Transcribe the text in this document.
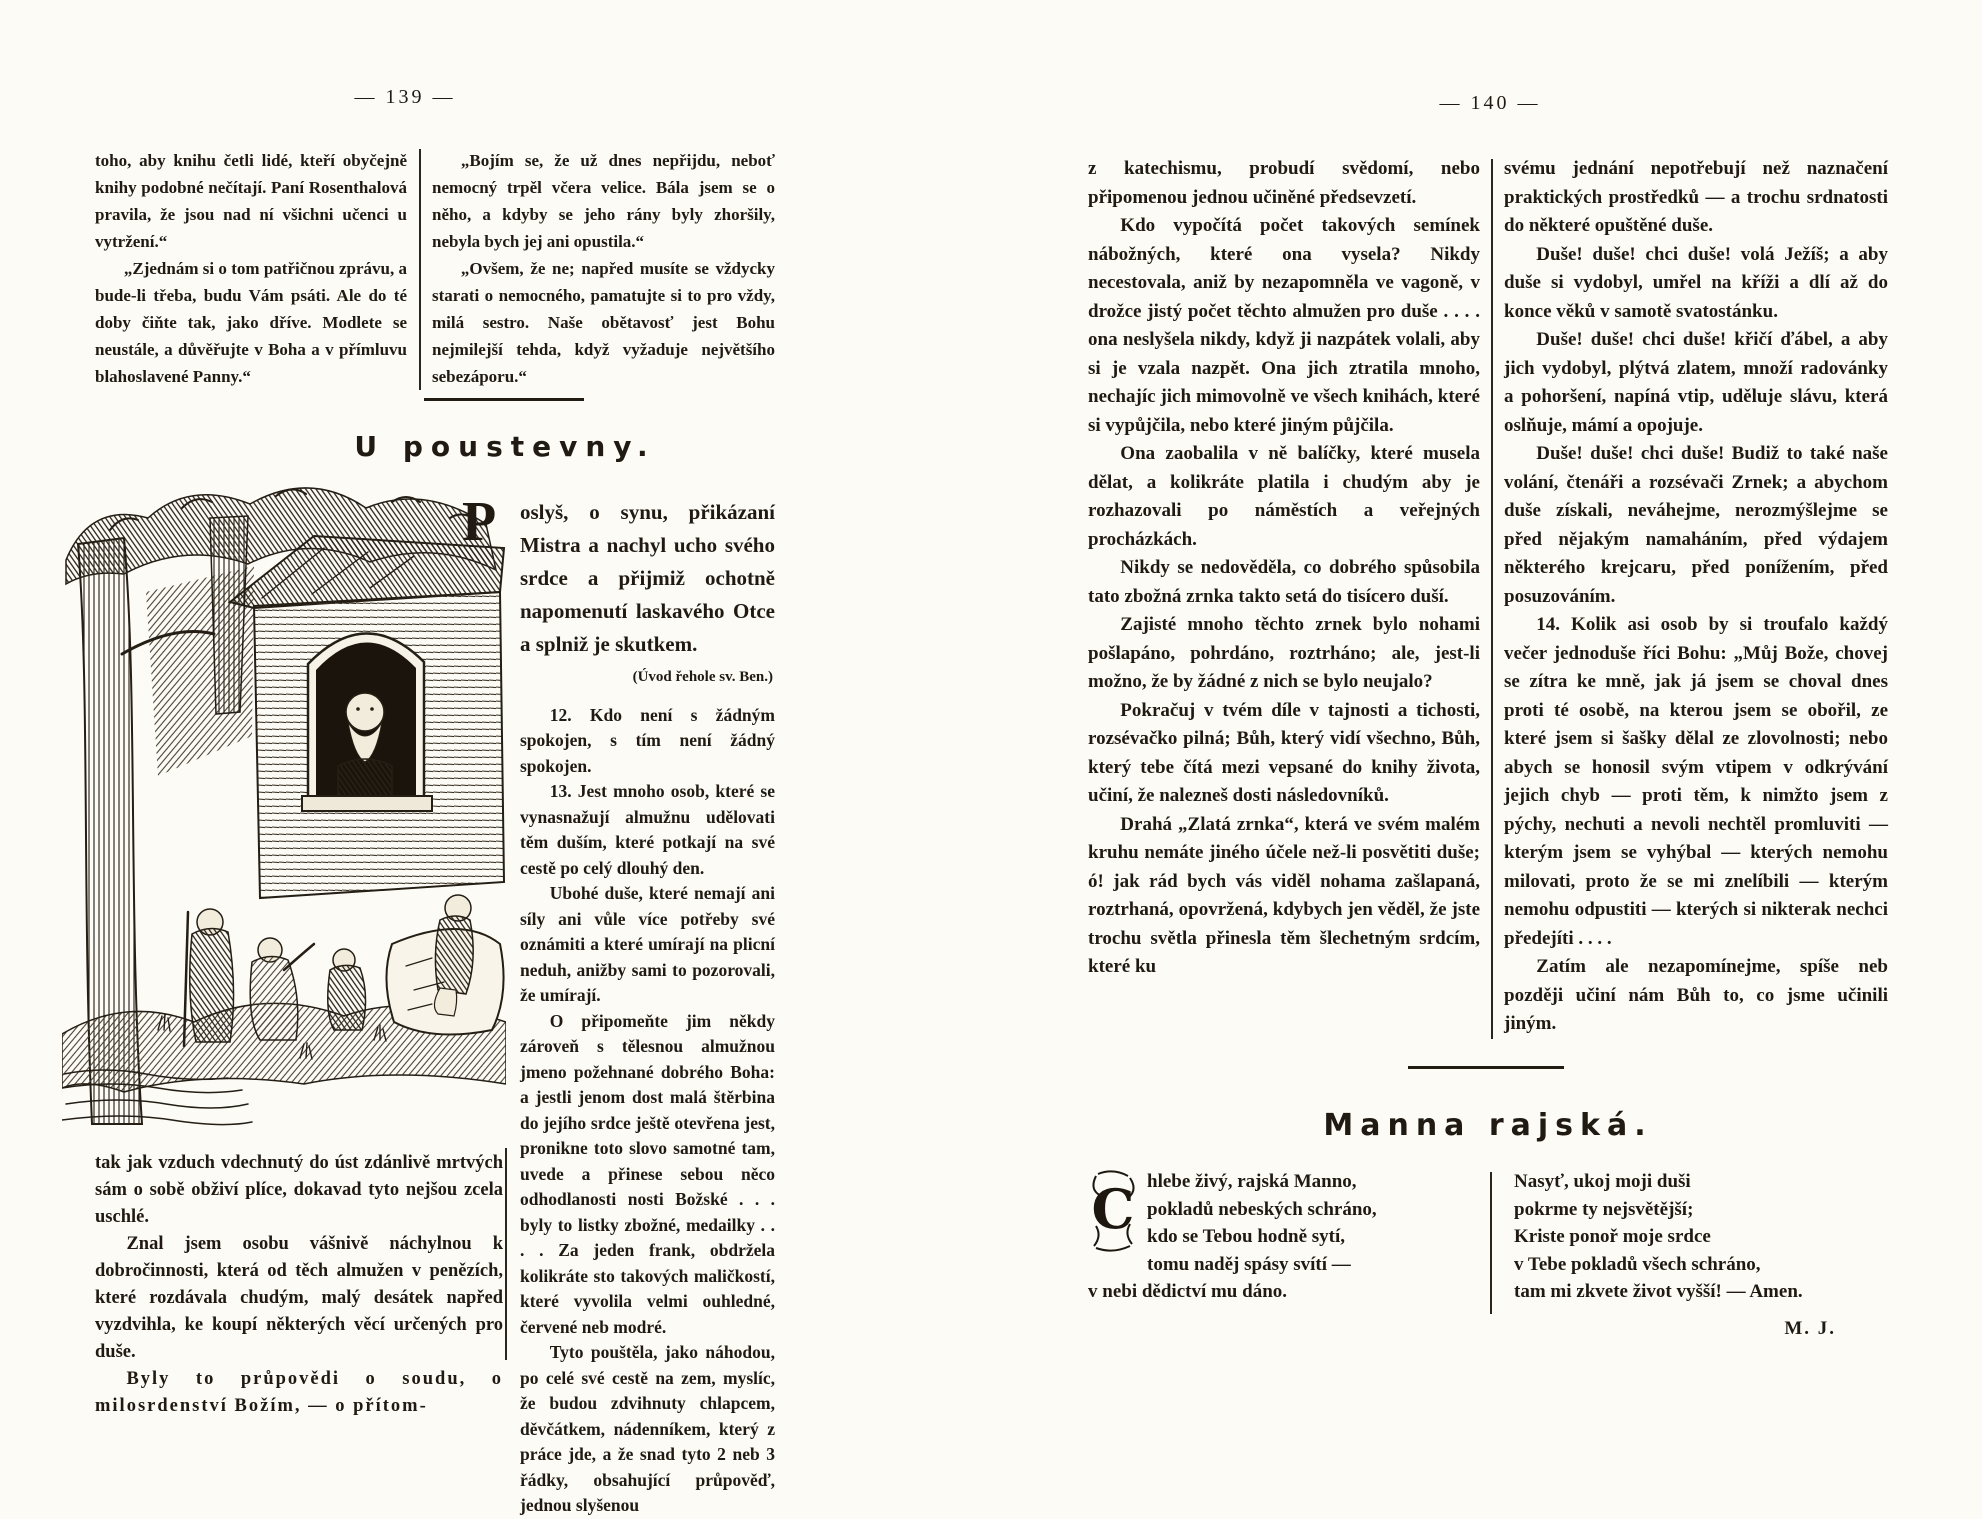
— 139 —

toho, aby knihu četli lidé, kteří obyčejně knihy podobné nečítají. Paní Rosenthalová pravila, že jsou nad ní všichni učenci u vytržení.“

„Zjednám si o tom patřičnou zprávu, a bude-li třeba, budu Vám psáti. Ale do té doby čiňte tak, jako dříve. Modlete se neustále, a důvěřujte v Boha a v přímluvu blahoslavené Panny.“

„Bojím se, že už dnes nepřijdu, neboť nemocný trpěl včera velice. Bála jsem se o něho, a kdyby se jeho rány byly zhoršily, nebyla bych jej ani opustila.“

„Ovšem, že ne; napřed musíte se vždycky starati o nemocného, pamatujte si to pro vždy, milá sestro. Naše obětavosť jest Bohu nejmilejší tehda, když vyžaduje největšího sebezáporu.“

U poustevny.

P oslyš, o synu, přikázaní Mistra a nachyl ucho svého srdce a přijmiž ochotně napomenutí laskavého Otce a splniž je skutkem.

(Úvod řehole sv. Ben.)

12. Kdo není s žádným spokojen, s tím není žádný spokojen.

13. Jest mnoho osob, které se vynasnažují almužnu udělovati těm duším, které potkají na své cestě po celý dlouhý den.

Ubohé duše, které nemají ani síly ani vůle více potřeby své oznámiti a které umírají na plicní neduh, anižby sami to pozorovali, že umírají.

O připomeňte jim někdy zároveň s tělesnou almužnou jmeno požehnané dobrého Boha: a jestli jenom dost malá štěrbina do jejího srdce ještě otevřena jest, pronikne toto slovo samotné tam, uvede a přinese sebou něco odhodlanosti nosti Božské . . . byly to listky zbožné, medailky . . . . Za jeden frank, obdržela kolikráte sto takových maličkostí, které vyvolila velmi ouhledné, červené neb modré.

Tyto pouštěla, jako náhodou, po celé své cestě na zem, myslíc, že budou zdvihnuty chlapcem, děvčátkem, nádenníkem, který z práce jde, a že snad tyto 2 neb 3 řádky, obsahující průpověď, jednou slyšenou

tak jak vzduch vdechnutý do úst zdánlivě mrtvých sám o sobě obživí plíce, dokavad tyto nejšou zcela uschlé.

Znal jsem osobu vášnivě náchylnou k dobročinnosti, která od těch almužen v penězích, které rozdávala chudým, malý desátek napřed vyzdvihla, ke koupí některých věcí určených pro duše.

Byly to průpovědi o soudu, o milosrdenství Božím, — o přítom-

— 140 —

z katechismu, probudí svědomí, nebo připomenou jednou učiněné předsevzetí.

Kdo vypočítá počet takových semínek nábožných, které ona vysela? Nikdy necestovala, aniž by nezapomněla ve vagoně, v drožce jistý počet těchto almužen pro duše . . . . ona neslyšela nikdy, když ji nazpátek volali, aby si je vzala nazpět. Ona jich ztratila mnoho, nechajíc jich mimovolně ve všech knihách, které si vypůjčila, nebo které jiným půjčila.

Ona zaobalila v ně balíčky, které musela dělat, a kolikráte platila i chudým aby je rozhazovali po náměstích a veřejných procházkách.

Nikdy se nedověděla, co dobrého spůsobila tato zbožná zrnka takto setá do tisícero duší.

Zajisté mnoho těchto zrnek bylo nohami pošlapáno, pohrdáno, roztrháno; ale, jest-li možno, že by žádné z nich se bylo neujalo?

Pokračuj v tvém díle v tajnosti a tichosti, rozsévačko pilná; Bůh, který vidí všechno, Bůh, který tebe čítá mezi vepsané do knihy života, učiní, že nalezneš dosti následovníků.

Drahá „Zlatá zrnka“, která ve svém malém kruhu nemáte jiného účele než-li posvětiti duše; ó! jak rád bych vás viděl nohama zašlapaná, roztrhaná, opovržená, kdybych jen věděl, že jste trochu světla přinesla těm šlechetným srdcím, které ku

svému jednání nepotřebují než naznačení praktických prostředků — a trochu srdnatosti do některé opuštěné duše.

Duše! duše! chci duše! volá Ježíš; a aby duše si vydobyl, umřel na kříži a dlí až do konce věků v samotě svatostánku.

Duše! duše! chci duše! křičí ďábel, a aby jich vydobyl, plýtvá zlatem, množí radovánky a pohoršení, napíná vtip, uděluje slávu, která oslňuje, mámí a opojuje.

Duše! duše! chci duše! Budiž to také naše volání, čtenáři a rozsévači Zrnek; a abychom duše získali, neváhejme, nerozmýšlejme se před nějakým namaháním, před výdajem některého krejcaru, před ponížením, před posuzováním.

14. Kolik asi osob by si troufalo každý večer jednoduše říci Bohu: „Můj Bože, chovej se zítra ke mně, jak já jsem se choval dnes proti té osobě, na kterou jsem se obořil, ze které jsem si šašky dělal ze zlovolnosti; nebo abych se honosil svým vtipem v odkrývání jejich chyb — proti těm, k nimžto jsem z pýchy, nechuti a nevoli nechtěl promluviti — kterým jsem se vyhýbal — kterých nemohu milovati, proto že se mi znelíbili — kterým nemohu odpustiti — kterých si nikterak nechci předejíti . . . .

Zatím ale nezapomínejme, spíše neb později učiní nám Bůh to, co jsme učinili jiným.

Manna rajská.
C hlebe živý, rajská Manno,
pokladů nebeských schráno,
kdo se Tebou hodně sytí,
tomu naděj spásy svítí —
v nebi dědictví mu dáno.
Nasyť, ukoj moji duši
pokrme ty nejsvětější;
Kriste ponoř moje srdce
v Tebe pokladů všech schráno,
tam mi zkvete život vyšší! — Amen.
M. J.
